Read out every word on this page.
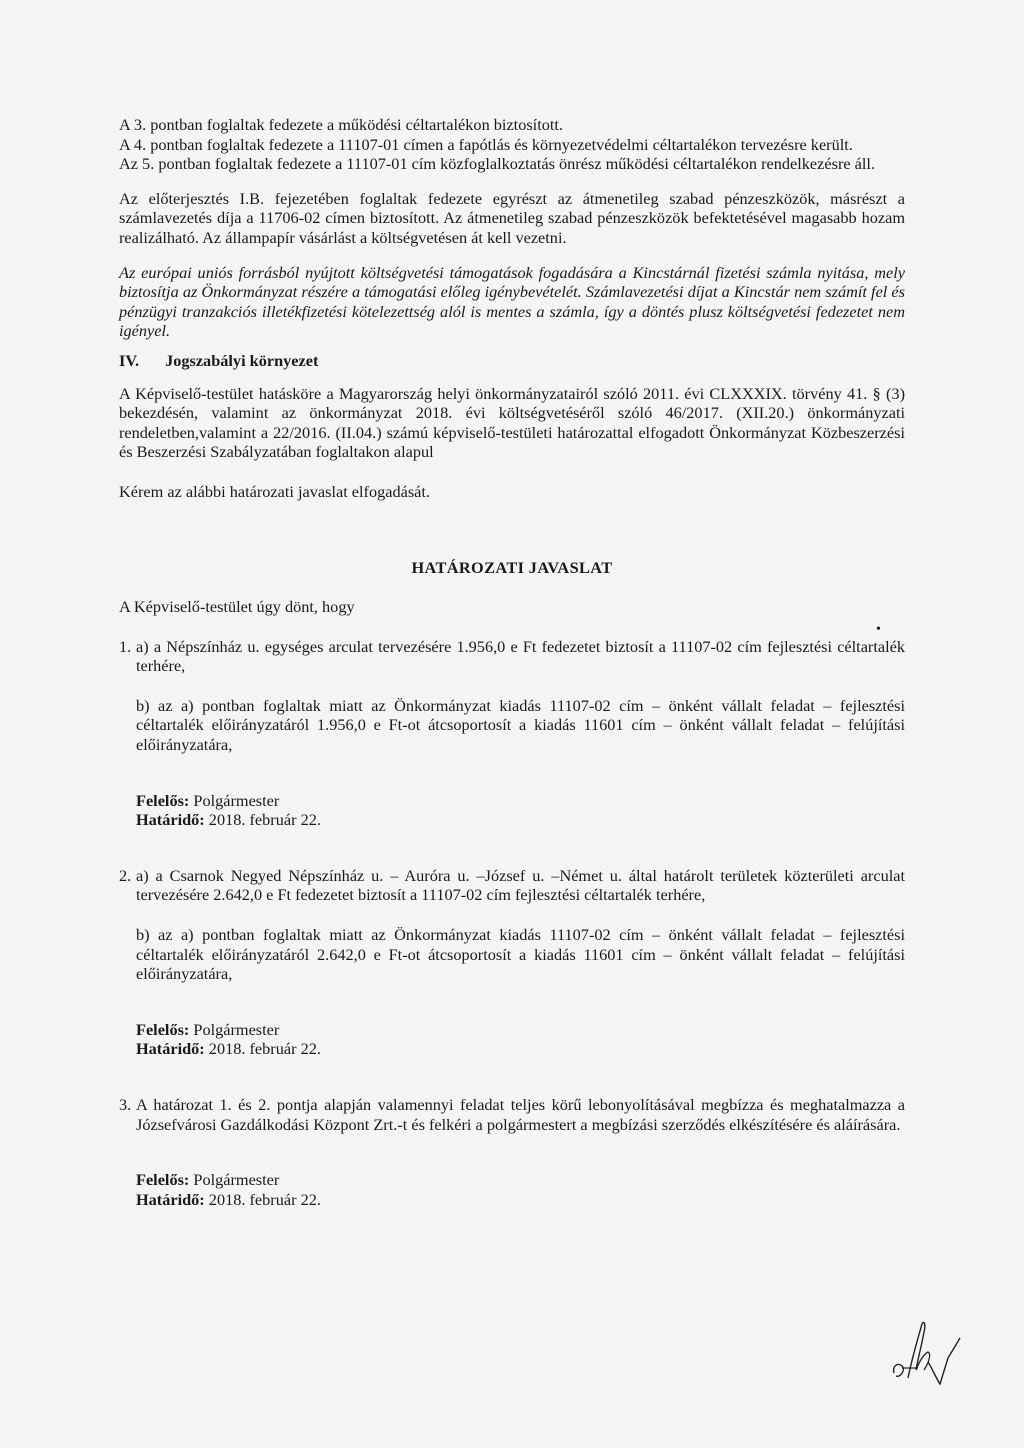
A 3. pontban foglaltak fedezete a működési céltartalékon biztosított.

A 4. pontban foglaltak fedezete a 11107-01 címen a fapótlás és környezetvédelmi céltartalékon tervezésre került.

Az 5. pontban foglaltak fedezete a 11107-01 cím közfoglalkoztatás önrész működési céltartalékon rendelkezésre áll.

Az előterjesztés I.B. fejezetében foglaltak fedezete egyrészt az átmenetileg szabad pénzeszközök, másrészt a számlavezetés díja a 11706-02 címen biztosított. Az átmenetileg szabad pénzeszközök befektetésével magasabb hozam realizálható. Az állampapír vásárlást a költségvetésen át kell vezetni.

Az európai uniós forrásból nyújtott költségvetési támogatások fogadására a Kincstárnál fizetési számla nyitása, mely biztosítja az Önkormányzat részére a támogatási előleg igénybevételét. Számlavezetési díjat a Kincstár nem számít fel és pénzügyi tranzakciós illetékfizetési kötelezettség alól is mentes a számla, így a döntés plusz költségvetési fedezetet nem igényel.

IV. Jogszabályi környezet

A Képviselő-testület hatásköre a Magyarország helyi önkormányzatairól szóló 2011. évi CLXXXIX. törvény 41. § (3) bekezdésén, valamint az önkormányzat 2018. évi költségvetéséről szóló 46/2017. (XII.20.) önkormányzati rendeletben,valamint a 22/2016. (II.04.) számú képviselő-testületi határozattal elfogadott Önkormányzat Közbeszerzési és Beszerzési Szabályzatában foglaltakon alapul

Kérem az alábbi határozati javaslat elfogadását.

HATÁROZATI JAVASLAT

A Képviselő-testület úgy dönt, hogy

1. a) a Népszínház u. egységes arculat tervezésére 1.956,0 e Ft fedezetet biztosít a 11107-02 cím fejlesztési céltartalék terhére,

b) az a) pontban foglaltak miatt az Önkormányzat kiadás 11107-02 cím – önként vállalt feladat – fejlesztési céltartalék előirányzatáról 1.956,0 e Ft-ot átcsoportosít a kiadás 11601 cím – önként vállalt feladat – felújítási előirányzatára,

Felelős: Polgármester
Határidő: 2018. február 22.
2. a) a Csarnok Negyed Népszínház u. – Auróra u. –József u. –Német u. által határolt területek közterületi arculat tervezésére 2.642,0 e Ft fedezetet biztosít a 11107-02 cím fejlesztési céltartalék terhére,

b) az a) pontban foglaltak miatt az Önkormányzat kiadás 11107-02 cím – önként vállalt feladat – fejlesztési céltartalék előirányzatáról 2.642,0 e Ft-ot átcsoportosít a kiadás 11601 cím – önként vállalt feladat – felújítási előirányzatára,

Felelős: Polgármester
Határidő: 2018. február 22.
3. A határozat 1. és 2. pontja alapján valamennyi feladat teljes körű lebonyolításával megbízza és meghatalmazza a Józsefvárosi Gazdálkodási Központ Zrt.-t és felkéri a polgármestert a megbízási szerződés elkészítésére és aláírására.

Felelős: Polgármester
Határidő: 2018. február 22.
•
